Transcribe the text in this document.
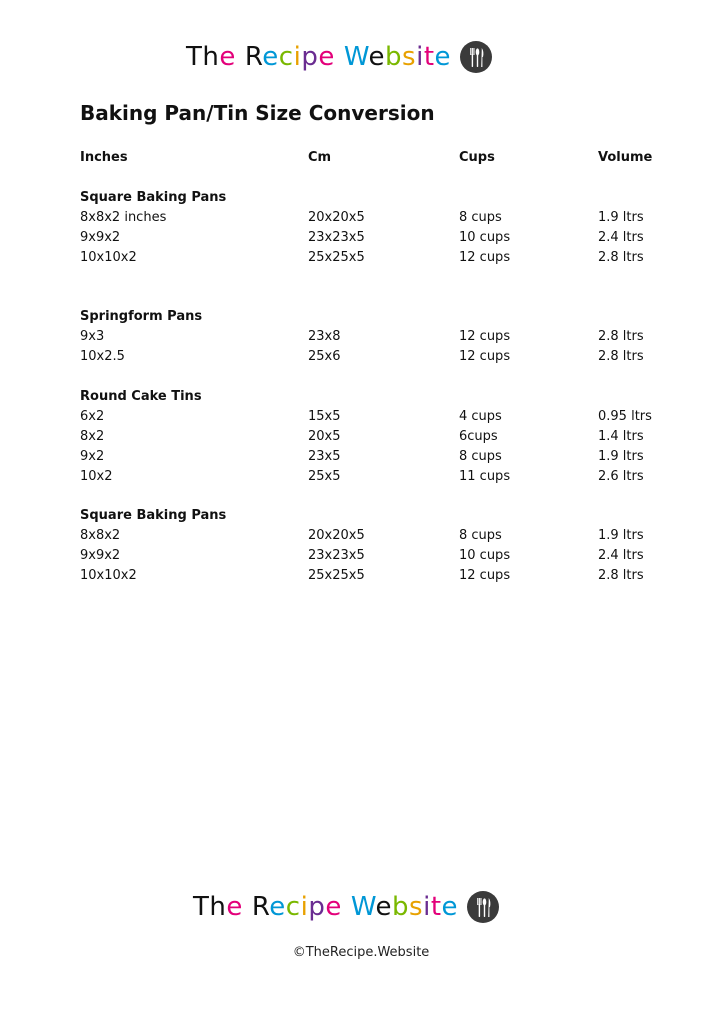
The Recipe Website
Baking Pan/Tin Size Conversion
Inches	Cm	Cups	Volume
Square Baking Pans
8x8x2 inches	20x20x5	8 cups	1.9 ltrs
9x9x2	23x23x5	10 cups	2.4 ltrs
10x10x2	25x25x5	12 cups	2.8 ltrs
Springform Pans
9x3	23x8	12 cups	2.8 ltrs
10x2.5	25x6	12 cups	2.8 ltrs
Round Cake Tins
6x2	15x5	4 cups	0.95 ltrs
8x2	20x5	6cups	1.4 ltrs
9x2	23x5	8 cups	1.9 ltrs
10x2	25x5	11 cups	2.6 ltrs
Square Baking Pans
8x8x2	20x20x5	8 cups	1.9 ltrs
9x9x2	23x23x5	10 cups	2.4 ltrs
10x10x2	25x25x5	12 cups	2.8 ltrs
The Recipe Website
©TheRecipe.Website
